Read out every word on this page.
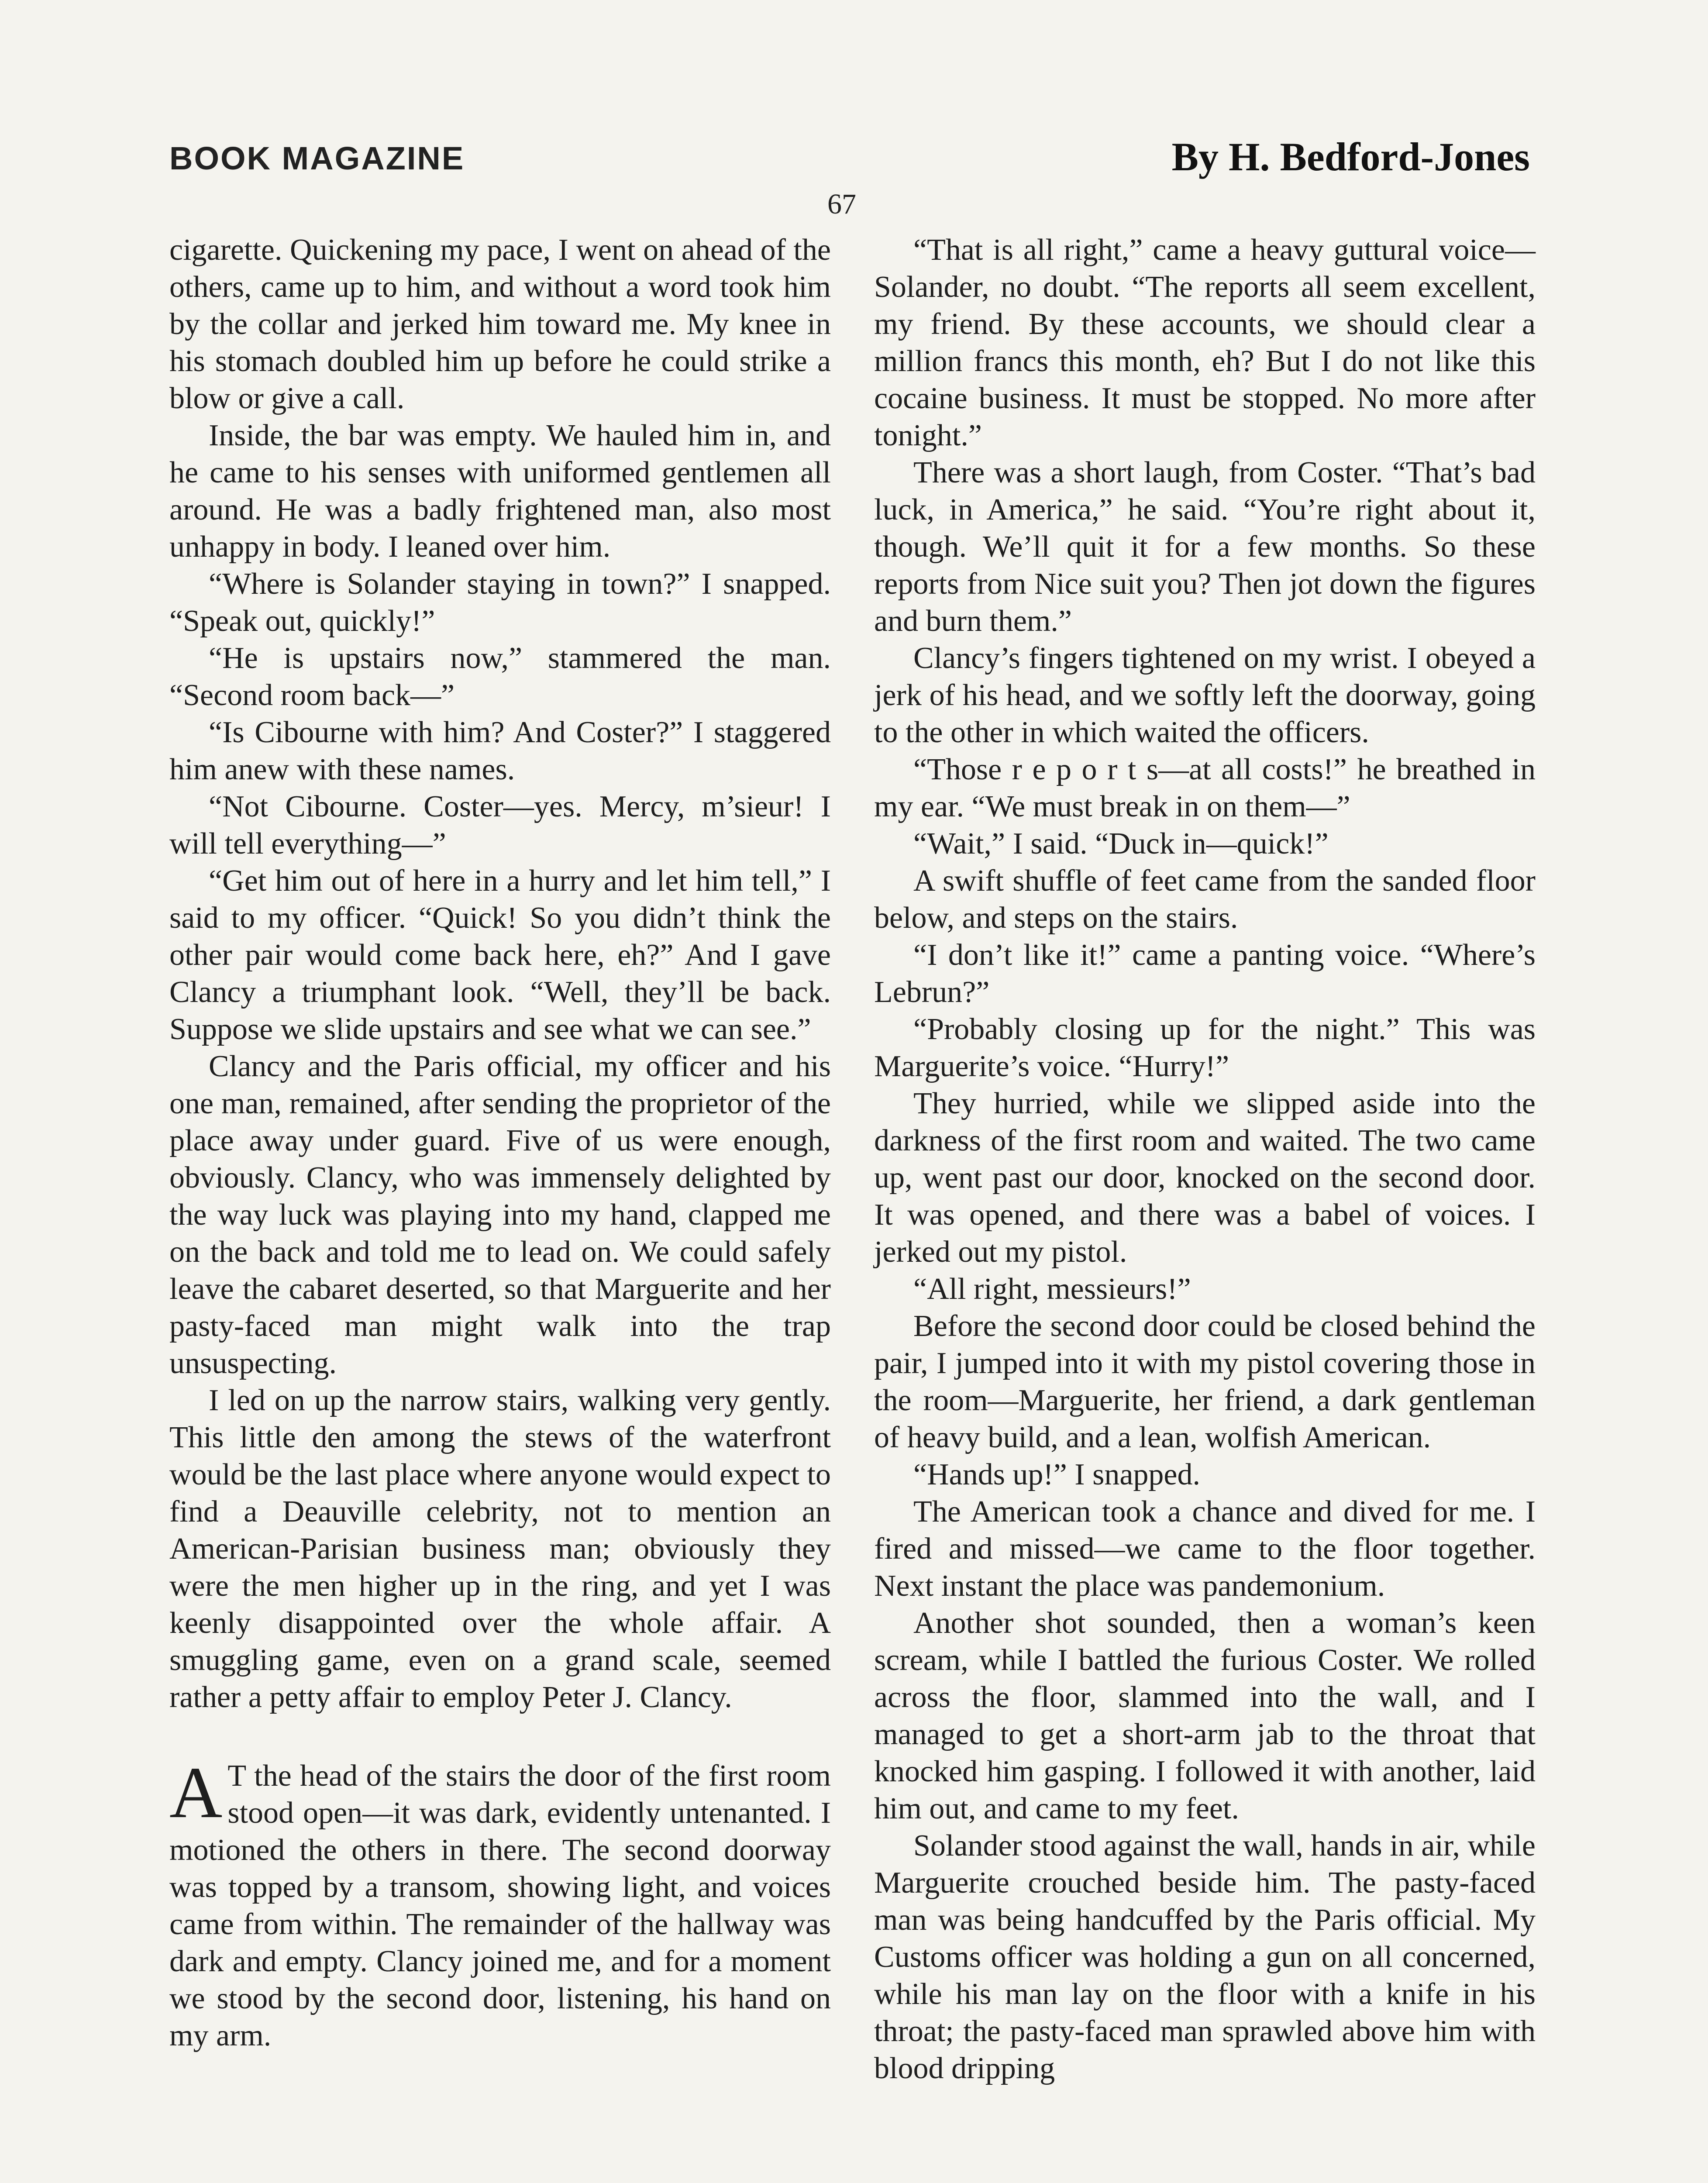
BOOK MAGAZINE	By H. Bedford-Jones
67

cigarette. Quickening my pace, I went on ahead of the others, came up to him, and without a word took him by the collar and jerked him toward me. My knee in his stomach doubled him up before he could strike a blow or give a call.

Inside, the bar was empty. We hauled him in, and he came to his senses with uniformed gentlemen all around. He was a badly frightened man, also most unhappy in body. I leaned over him.

“Where is Solander staying in town?” I snapped. “Speak out, quickly!”

“He is upstairs now,” stammered the man. “Second room back—”

“Is Cibourne with him? And Coster?” I staggered him anew with these names.

“Not Cibourne. Coster—yes. Mercy, m’sieur! I will tell everything—”

“Get him out of here in a hurry and let him tell,” I said to my officer. “Quick! So you didn’t think the other pair would come back here, eh?” And I gave Clancy a triumphant look. “Well, they’ll be back. Suppose we slide upstairs and see what we can see.”

Clancy and the Paris official, my officer and his one man, remained, after sending the proprietor of the place away under guard. Five of us were enough, obviously. Clancy, who was immensely delighted by the way luck was playing into my hand, clapped me on the back and told me to lead on. We could safely leave the cabaret deserted, so that Marguerite and her pasty-faced man might walk into the trap unsuspecting.

I led on up the narrow stairs, walking very gently. This little den among the stews of the waterfront would be the last place where anyone would expect to find a Deauville celebrity, not to mention an American-Parisian business man; obviously they were the men higher up in the ring, and yet I was keenly disappointed over the whole affair. A smuggling game, even on a grand scale, seemed rather a petty affair to employ Peter J. Clancy.

A T the head of the stairs the door of the first room stood open—it was dark, evidently untenanted. I motioned the others in there. The second doorway was topped by a transom, showing light, and voices came from within. The remainder of the hallway was dark and empty. Clancy joined me, and for a moment we stood by the second door, listening, his hand on my arm.

“That is all right,” came a heavy guttural voice—Solander, no doubt. “The reports all seem excellent, my friend. By these accounts, we should clear a million francs this month, eh? But I do not like this cocaine business. It must be stopped. No more after tonight.”

There was a short laugh, from Coster. “That’s bad luck, in America,” he said. “You’re right about it, though. We’ll quit it for a few months. So these reports from Nice suit you? Then jot down the figures and burn them.”

Clancy’s fingers tightened on my wrist. I obeyed a jerk of his head, and we softly left the doorway, going to the other in which waited the officers.

“Those r e p o r t s—at all costs!” he breathed in my ear. “We must break in on them—”

“Wait,” I said. “Duck in—quick!”

A swift shuffle of feet came from the sanded floor below, and steps on the stairs.

“I don’t like it!” came a panting voice. “Where’s Lebrun?”

“Probably closing up for the night.” This was Marguerite’s voice. “Hurry!”

They hurried, while we slipped aside into the darkness of the first room and waited. The two came up, went past our door, knocked on the second door. It was opened, and there was a babel of voices. I jerked out my pistol.

“All right, messieurs!”

Before the second door could be closed behind the pair, I jumped into it with my pistol covering those in the room—Marguerite, her friend, a dark gentleman of heavy build, and a lean, wolfish American.

“Hands up!” I snapped.

The American took a chance and dived for me. I fired and missed—we came to the floor together. Next instant the place was pandemonium.

Another shot sounded, then a woman’s keen scream, while I battled the furious Coster. We rolled across the floor, slammed into the wall, and I managed to get a short-arm jab to the throat that knocked him gasping. I followed it with another, laid him out, and came to my feet.

Solander stood against the wall, hands in air, while Marguerite crouched beside him. The pasty-faced man was being handcuffed by the Paris official. My Customs officer was holding a gun on all concerned, while his man lay on the floor with a knife in his throat; the pasty-faced man sprawled above him with blood dripping
